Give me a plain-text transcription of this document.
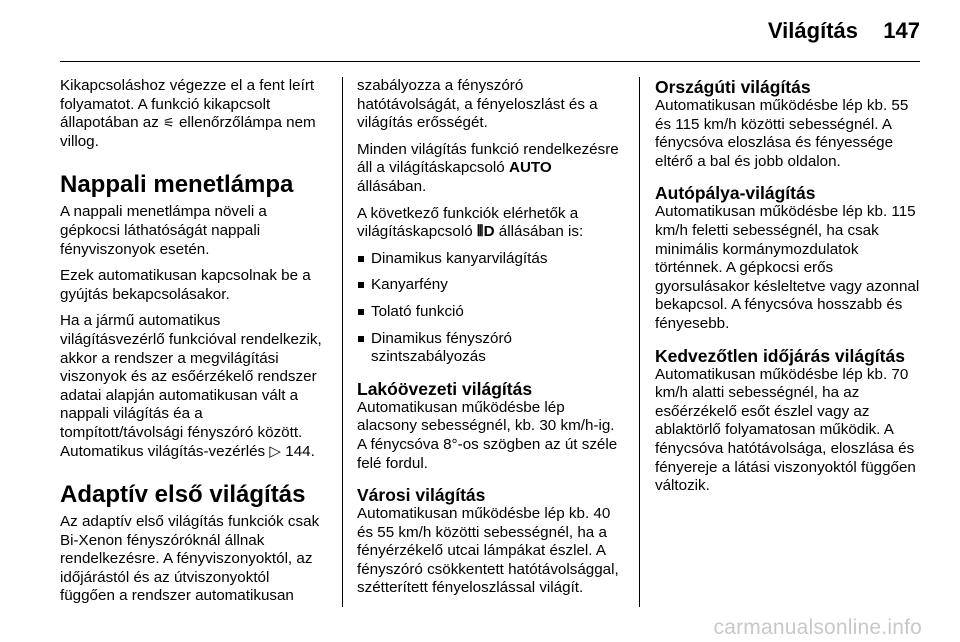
Világítás 147

Kikapcsoláshoz végezze el a fent leírt folyamatot. A funkció kikapcsolt állapotában az ⚟ ellenőrzőlámpa nem villog.

Nappali menetlámpa

A nappali menetlámpa növeli a gépkocsi láthatóságát nappali fényviszonyok esetén.

Ezek automatikusan kapcsolnak be a gyújtás bekapcsolásakor.

Ha a jármű automatikus világításvezérlő funkcióval rendelkezik, akkor a rendszer a megvilágítási viszonyok és az esőérzékelő rendszer adatai alapján automatikusan vált a nappali világítás éa a tompított/távolsági fényszóró között. Automatikus világítás-vezérlés ▷ 144.

Adaptív első világítás

Az adaptív első világítás funkciók csak Bi-Xenon fényszóróknál állnak rendelkezésre. A fényviszonyoktól, az időjárástól és az útviszonyoktól függően a rendszer automatikusan

szabályozza a fényszóró hatótávolságát, a fényeloszlást és a világítás erősségét.

Minden világítás funkció rendelkezésre áll a világításkapcsoló AUTO állásában.

A következő funkciók elérhetők a világításkapcsoló ⦀D állásában is:

Dinamikus kanyarvilágítás
Kanyarfény
Tolató funkció
Dinamikus fényszóró szintszabályozás
Lakóövezeti világítás

Automatikusan működésbe lép alacsony sebességnél, kb. 30 km/h-ig. A fénycsóva 8°-os szögben az út széle felé fordul.

Városi világítás

Automatikusan működésbe lép kb. 40 és 55 km/h közötti sebességnél, ha a fényérzékelő utcai lámpákat észlel. A fényszóró csökkentett hatótávolsággal, szétterített fényeloszlással világít.

Országúti világítás

Automatikusan működésbe lép kb. 55 és 115 km/h közötti sebességnél. A fénycsóva eloszlása és fényessége eltérő a bal és jobb oldalon.

Autópálya-világítás

Automatikusan működésbe lép kb. 115 km/h feletti sebességnél, ha csak minimális kormánymozdulatok történnek. A gépkocsi erős gyorsulásakor késleltetve vagy azonnal bekapcsol. A fénycsóva hosszabb és fényesebb.

Kedvezőtlen időjárás világítás

Automatikusan működésbe lép kb. 70 km/h alatti sebességnél, ha az esőérzékelő esőt észlel vagy az ablaktörlő folyamatosan működik. A fénycsóva hatótávolsága, eloszlása és fényereje a látási viszonyoktól függően változik.

carmanualsonline.info
